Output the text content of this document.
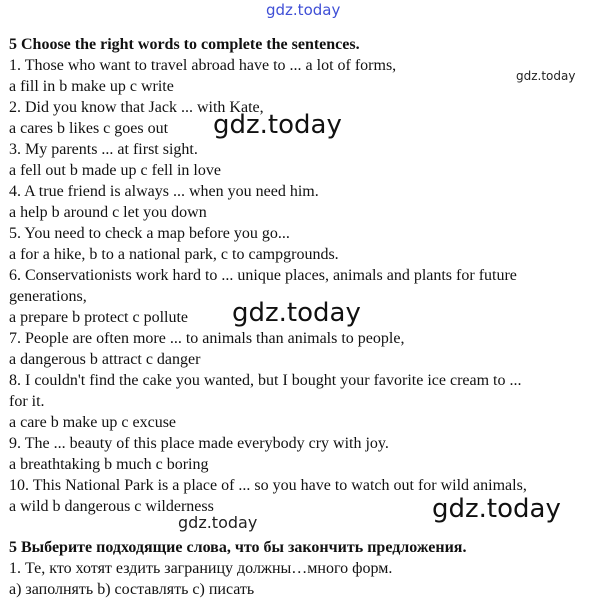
gdz.today
5 Choose the right words to complete the sentences.
1. Those who want to travel abroad have to ... a lot of forms,
a fill in b make up c write
2. Did you know that Jack ... with Kate,
a cares b likes c goes out
3. My parents ... at first sight.
a fell out b made up c fell in love
4. A true friend is always ... when you need him.
a help b around c let you down
5. You need to check a map before you go...
a for a hike, b to a national park, c to campgrounds.
6. Conservationists work hard to ... unique places, animals and plants for future
generations,
a prepare b protect c pollute
7. People are often more ... to animals than animals to people,
a dangerous b attract c danger
8. I couldn't find the cake you wanted, but I bought your favorite ice cream to ...
for it.
a care b make up c excuse
9. The ... beauty of this place made everybody cry with joy.
a breathtaking b much c boring
10. This National Park is a place of ... so you have to watch out for wild animals,
a wild b dangerous c wilderness
5 Выберите подходящие слова, что бы закончить предложения.
1. Те, кто хотят ездить заграницу должны…много форм.
а) заполнять b) составлять с) писать
gdz.today
gdz.today
gdz.today
gdz.today
gdz.today
